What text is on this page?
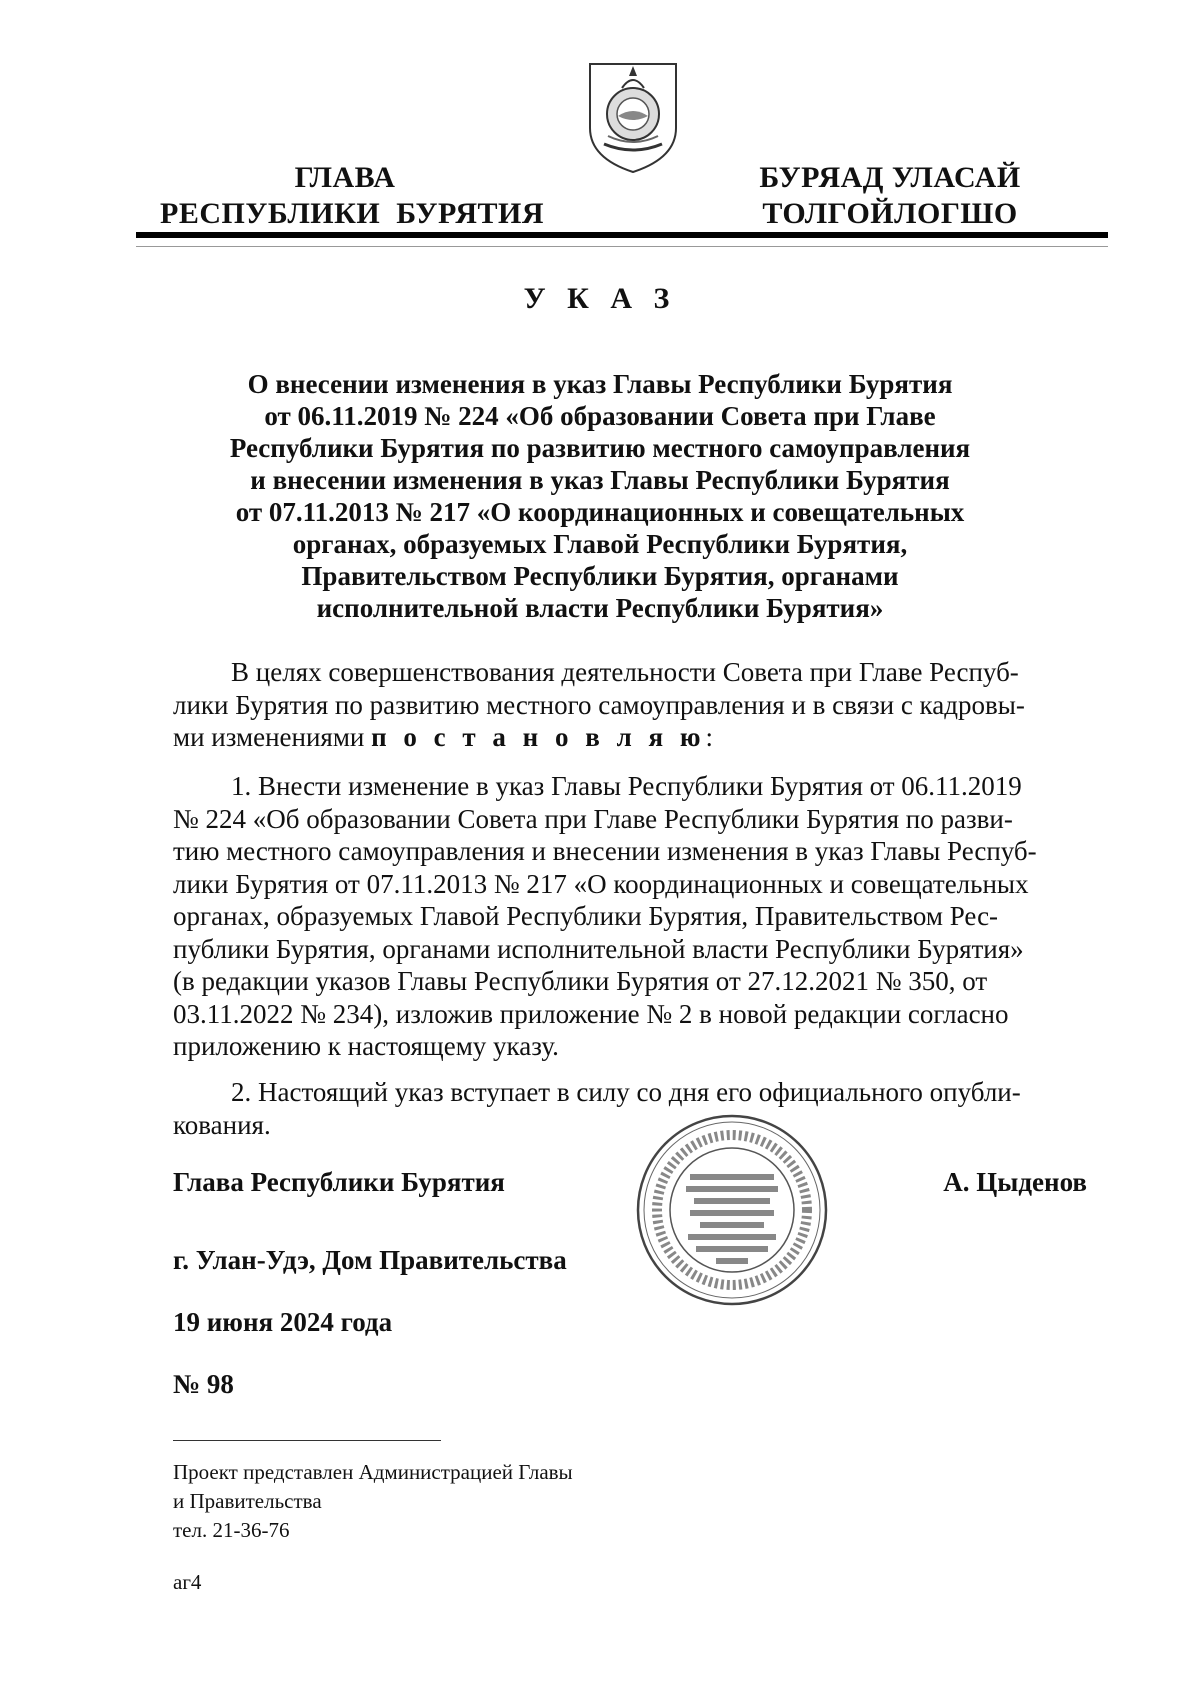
ГЛАВА
РЕСПУБЛИКИ  БУРЯТИЯ
БУРЯАД УЛАСАЙ
ТОЛГОЙЛОГШО
У К А З
О внесении изменения в указ Главы Республики Бурятия
от 06.11.2019 № 224 «Об образовании Совета при Главе
Республики Бурятия по развитию местного самоуправления
и внесении изменения в указ Главы Республики Бурятия
от 07.11.2013 № 217 «О координационных и совещательных
органах, образуемых Главой Республики Бурятия,
Правительством Республики Бурятия, органами
исполнительной власти Республики Бурятия»
В целях совершенствования деятельности Совета при Главе Респуб-
лики Бурятия по развитию местного самоуправления и в связи с кадровы-
ми изменениями п о с т а н о в л я ю:
1. Внести изменение в указ Главы Республики Бурятия от 06.11.2019
№ 224 «Об образовании Совета при Главе Республики Бурятия по разви-
тию местного самоуправления и внесении изменения в указ Главы Респуб-
лики Бурятия от 07.11.2013 № 217 «О координационных и совещательных
органах, образуемых Главой Республики Бурятия, Правительством Рес-
публики Бурятия, органами исполнительной власти Республики Бурятия»
(в редакции указов Главы Республики Бурятия от 27.12.2021 № 350, от
03.11.2022 № 234), изложив приложение № 2 в новой редакции согласно
приложению к настоящему указу.
2. Настоящий указ вступает в силу со дня его официального опубли-
кования.
Глава Республики Бурятия	А. Цыденов
г. Улан-Удэ, Дом Правительства
19 июня 2024 года
№ 98
Проект представлен Администрацией Главы
и Правительства
тел. 21-36-76
аг4
